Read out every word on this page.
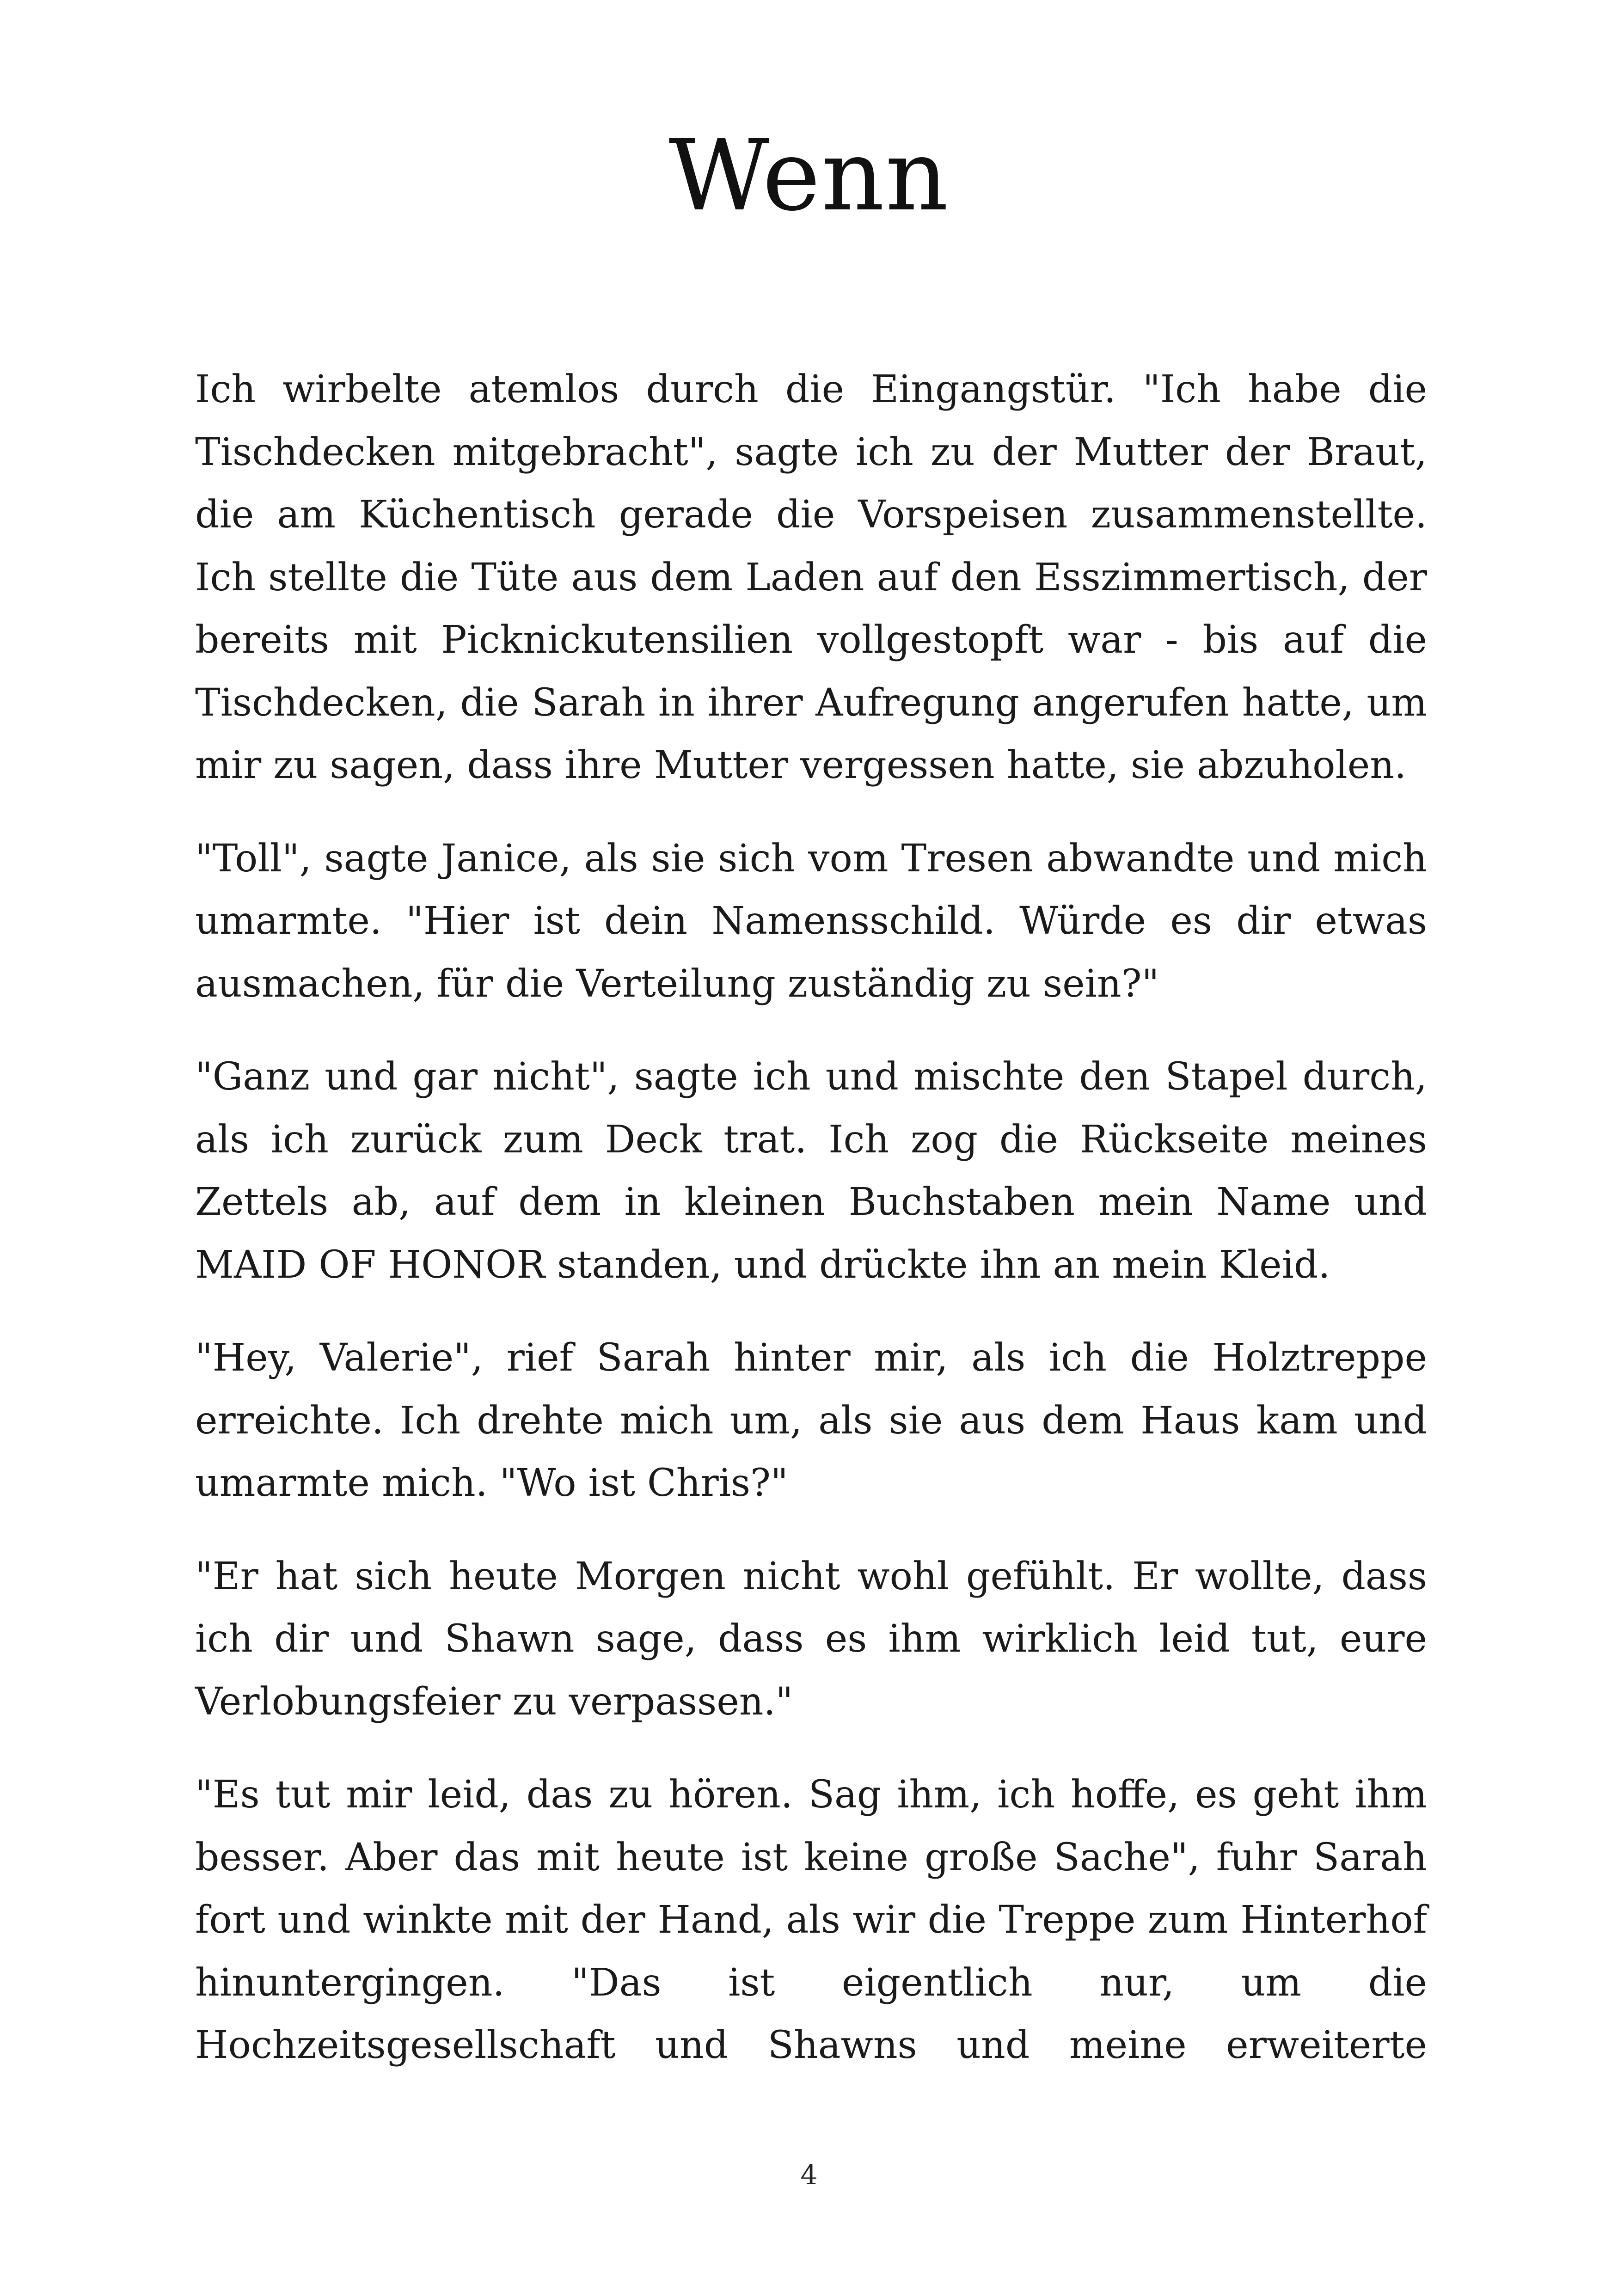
Wenn

Ich wirbelte atemlos durch die Eingangstür. "Ich habe die Tischdecken mitgebracht", sagte ich zu der Mutter der Braut, die am Küchentisch gerade die Vorspeisen zusammenstellte. Ich stellte die Tüte aus dem Laden auf den Esszimmertisch, der bereits mit Picknickutensilien vollgestopft war - bis auf die Tischdecken, die Sarah in ihrer Aufregung angerufen hatte, um mir zu sagen, dass ihre Mutter vergessen hatte, sie abzuholen.

"Toll", sagte Janice, als sie sich vom Tresen abwandte und mich umarmte. "Hier ist dein Namensschild. Würde es dir etwas ausmachen, für die Verteilung zuständig zu sein?"

"Ganz und gar nicht", sagte ich und mischte den Stapel durch, als ich zurück zum Deck trat. Ich zog die Rückseite meines Zettels ab, auf dem in kleinen Buchstaben mein Name und MAID OF HONOR standen, und drückte ihn an mein Kleid.

"Hey, Valerie", rief Sarah hinter mir, als ich die Holztreppe erreichte. Ich drehte mich um, als sie aus dem Haus kam und umarmte mich. "Wo ist Chris?"

"Er hat sich heute Morgen nicht wohl gefühlt. Er wollte, dass ich dir und Shawn sage, dass es ihm wirklich leid tut, eure Verlobungsfeier zu verpassen."

"Es tut mir leid, das zu hören. Sag ihm, ich hoffe, es geht ihm besser. Aber das mit heute ist keine große Sache", fuhr Sarah fort und winkte mit der Hand, als wir die Treppe zum Hinterhof hinuntergingen. "Das ist eigentlich nur, um die Hochzeitsgesellschaft und Shawns und meine erweiterte

4
